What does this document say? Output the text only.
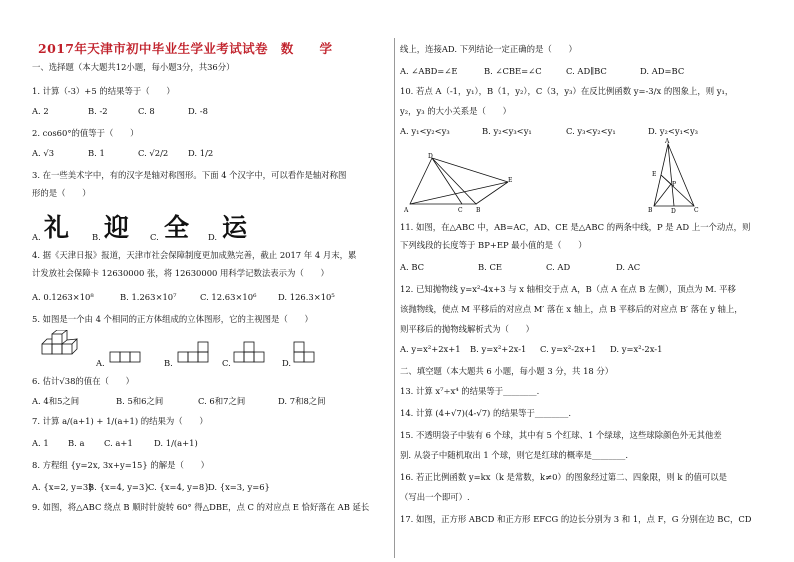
2017年天津市初中毕业生学业考试试卷　数　　学
一、选择题（本大题共12小题，每小题3分，共36分）
1. 计算（-3）+5 的结果等于（　　）
A. 2	B. -2	C. 8	D. -8
2. cos60°的值等于（　　）
A. √3	B. 1	C. √2/2 D. 1/2
3. 在一些美术字中，有的汉字是轴对称图形。下面 4 个汉字中，可以看作是轴对称图
形的是（　　）
A. 礼	B. 迎 C. 全 D. 运
4. 据《天津日报》报道，天津市社会保障制度更加成熟完善，截止 2017 年 4 月末，累
计发放社会保障卡 12630000 张，将 12630000 用科学记数法表示为（　　）
A. 0.1263×10⁸	B. 1.263×10⁷	C. 12.63×10⁶	D. 126.3×10⁵
5. 如图是一个由 4 个相同的正方体组成的立体图形，它的主视图是（　　）
A.	B.	C.	D.
6. 估计√38的值在（　　）
A. 4和5之间	B. 5和6之间	C. 6和7之间	D. 7和8之间
7. 计算 a/(a+1) + 1/(a+1) 的结果为（　　）
A. 1 B. a C. a+1	D. 1/(a+1)
8. 方程组 {y=2x, 3x+y=15} 的解是（　　）
A. {x=2, y=3}
B. {x=4, y=3}
C. {x=4, y=8}
D. {x=3, y=6}
9. 如图，将△ABC 绕点 B 顺时针旋转 60° 得△DBE，点 C 的对应点 E 恰好落在 AB 延长
线上，连接AD. 下列结论一定正确的是（　　）
A. ∠ABD=∠E	B. ∠CBE=∠C	C. AD∥BC	D. AD=BC
10. 若点 A（-1，y₁），B（1，y₂），C（3，y₃）在反比例函数 y=-3/x 的图象上，则 y₁，
y₂，y₃ 的大小关系是（　　）
A. y₁<y₂<y₃	B. y₂<y₃<y₁	C. y₃<y₂<y₁	D. y₂<y₁<y₃
D
E
A	C B
A
E
P
B	D	C
11. 如图，在△ABC 中，AB=AC，AD、CE 是△ABC 的两条中线，P 是 AD 上一个动点，则
下列线段的长度等于 BP+EP 最小值的是（　　）
A. BC	B. CE	C. AD	D. AC
12. 已知抛物线 y=x²-4x+3 与 x 轴相交于点 A，B（点 A 在点 B 左侧），顶点为 M. 平移
该抛物线，使点 M 平移后的对应点 M′ 落在 x 轴上，点 B 平移后的对应点 B′ 落在 y 轴上，
则平移后的抛物线解析式为（　　）
A. y=x²+2x+1 B. y=x²+2x-1 C. y=x²-2x+1 D. y=x²-2x-1
二、填空题（本大题共 6 小题，每小题 3 分，共 18 分）
13. 计算 x⁷÷x⁴ 的结果等于________.
14. 计算 (4+√7)(4-√7) 的结果等于________.
15. 不透明袋子中装有 6 个球，其中有 5 个红球、1 个绿球，这些球除颜色外无其他差
别. 从袋子中随机取出 1 个球，则它是红球的概率是________.
16. 若正比例函数 y=kx（k 是常数，k≠0）的图象经过第二、四象限，则 k 的值可以是
（写出一个即可）.
17. 如图，正方形 ABCD 和正方形 EFCG 的边长分别为 3 和 1，点 F，G 分别在边 BC，CD
